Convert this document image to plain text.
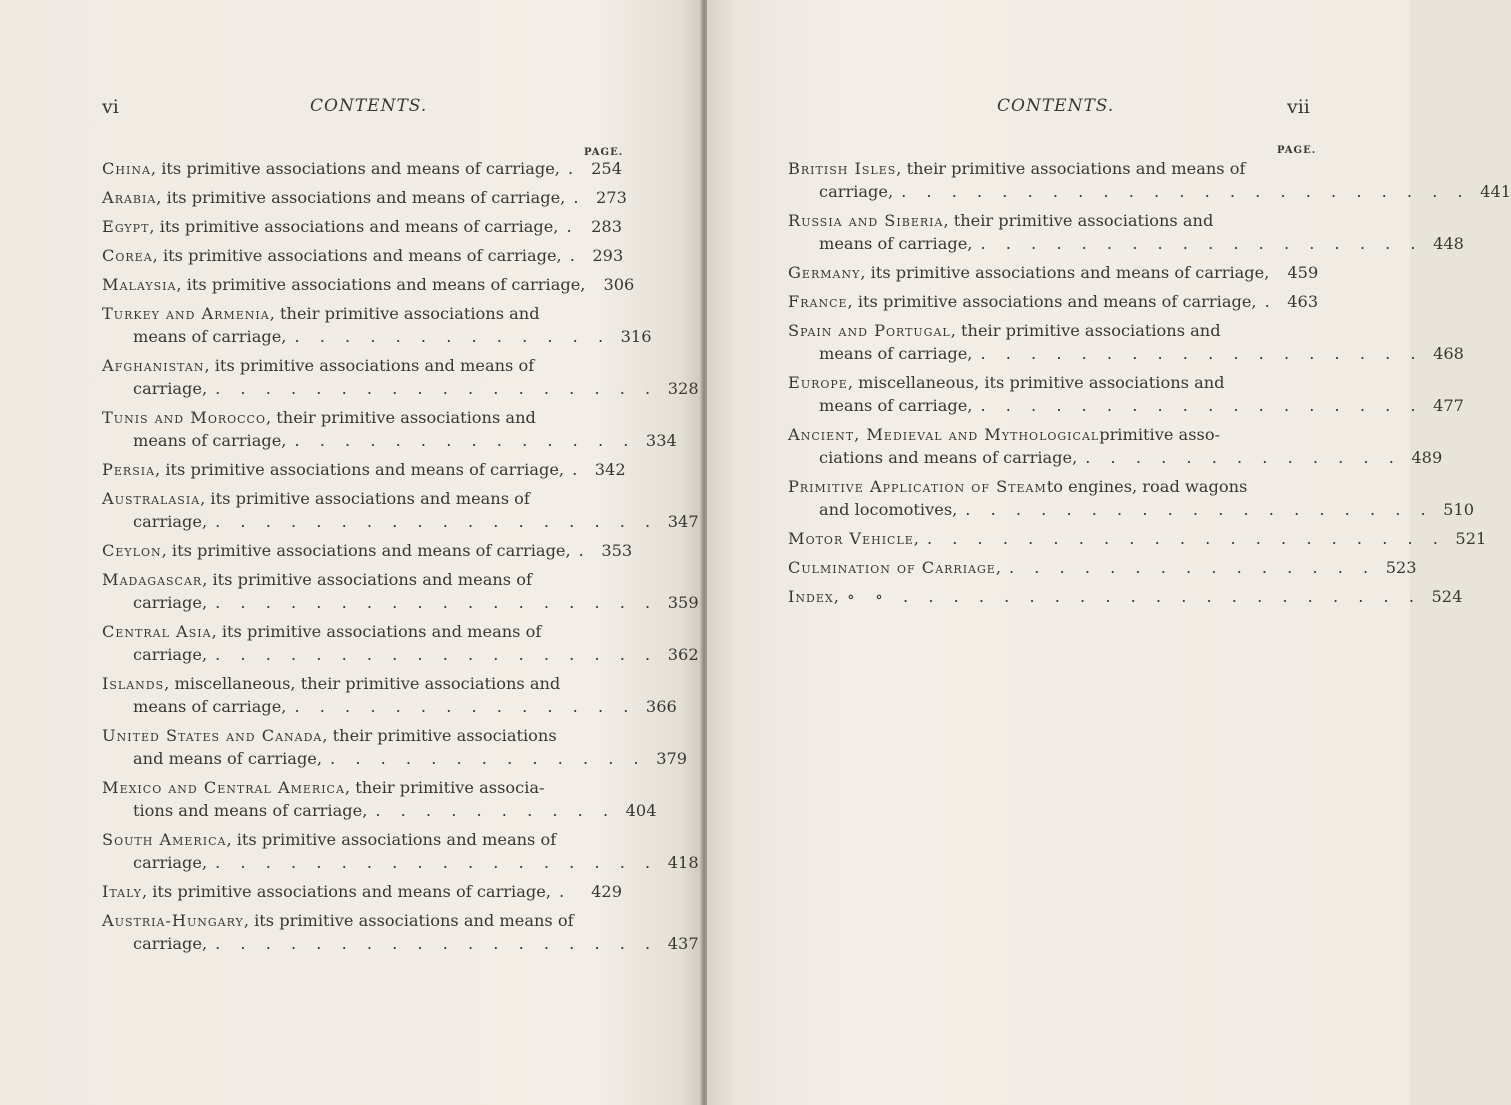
vi	CONTENTS.
PAGE.
China , its primitive associations and means of carriage, . 254
Arabia , its primitive associations and means of carriage, . 273
Egypt , its primitive associations and means of carriage, . 283
Corea , its primitive associations and means of carriage, . 293
Malaysia , its primitive associations and means of carriage, 306
Turkey and Armenia , their primitive associations and
means of carriage, . . . . . . . . . . . . . 316
Afghanistan , its primitive associations and means of
carriage, . . . . . . . . . . . . . . . . . . 328
Tunis and Morocco , their primitive associations and
means of carriage, . . . . . . . . . . . . . . 334
Persia , its primitive associations and means of carriage, . 342
Australasia , its primitive associations and means of
carriage, . . . . . . . . . . . . . . . . . . 347
Ceylon , its primitive associations and means of carriage, . 353
Madagascar , its primitive associations and means of
carriage, . . . . . . . . . . . . . . . . . . 359
Central Asia , its primitive associations and means of
carriage, . . . . . . . . . . . . . . . . . . 362
Islands , miscellaneous, their primitive associations and
means of carriage, . . . . . . . . . . . . . . 366
United States and Canada , their primitive associations
and means of carriage, . . . . . . . . . . . . . 379
Mexico and Central America , their primitive associa-
tions and means of carriage, . . . . . . . . . . 404
South America , its primitive associations and means of
carriage, . . . . . . . . . . . . . . . . . . 418
Italy , its primitive associations and means of carriage, .	429
Austria-Hungary , its primitive associations and means of
carriage, . . . . . . . . . . . . . . . . . . 437
CONTENTS.	vii
PAGE.
British Isles , their primitive associations and means of
carriage, . . . . . . . . . . . . . . . . . . . . . . . 441
Russia and Siberia , their primitive associations and
means of carriage, . . . . . . . . . . . . . . . . . . 448
Germany , its primitive associations and means of carriage, 459
France , its primitive associations and means of carriage, . 463
Spain and Portugal , their primitive associations and
means of carriage, . . . . . . . . . . . . . . . . . . 468
Europe , miscellaneous, its primitive associations and
means of carriage, . . . . . . . . . . . . . . . . . . 477
Ancient, Medieval and Mythological primitive asso-
ciations and means of carriage, . . . . . . . . . . . . . 489
Primitive Application of Steam to engines, road wagons
and locomotives, . . . . . . . . . . . . . . . . . . . 510
Motor Vehicle , . . . . . . . . . . . . . . . . . . . . . 521
Culmination of Carriage , . . . . . . . . . . . . . . . 523
Index , ∘ ∘ . . . . . . . . . . . . . . . . . . . . . 524
